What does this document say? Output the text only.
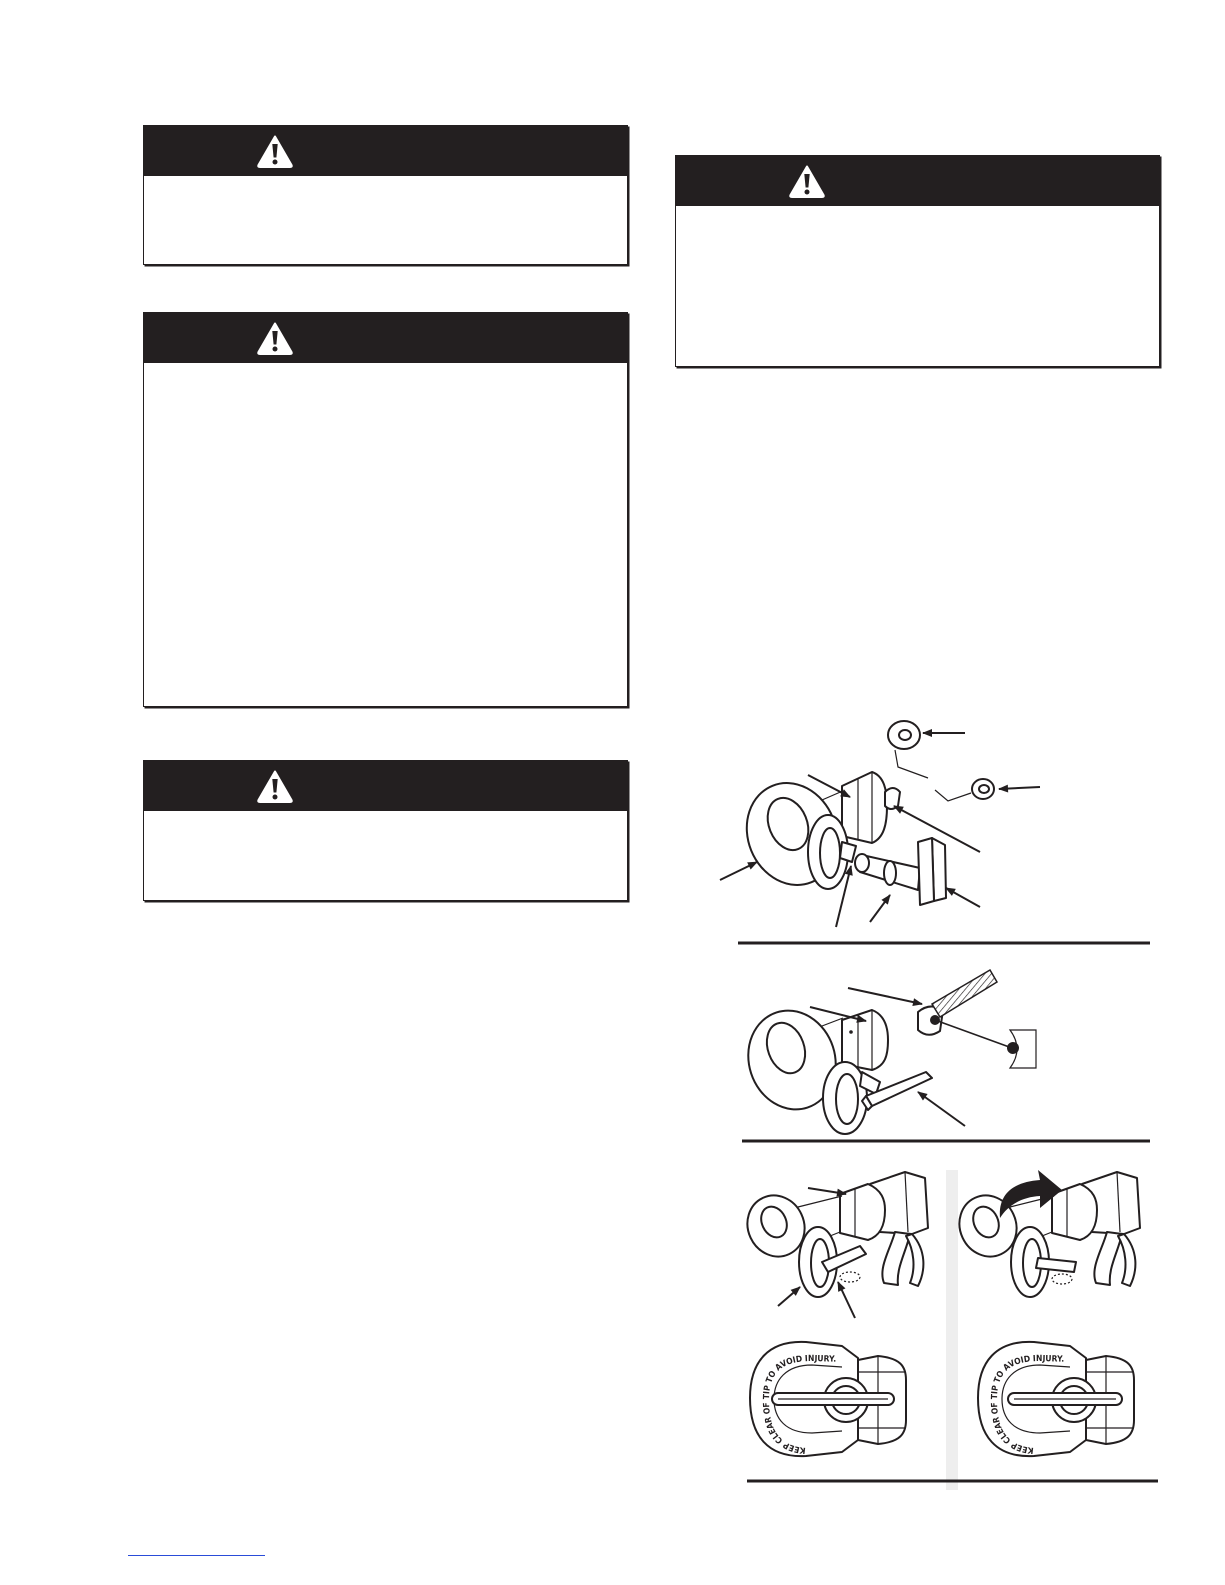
KEEP CLEAR OF TIP TO AVOID INJURY.
KEEP CLEAR OF TIP TO AVOID INJURY.
